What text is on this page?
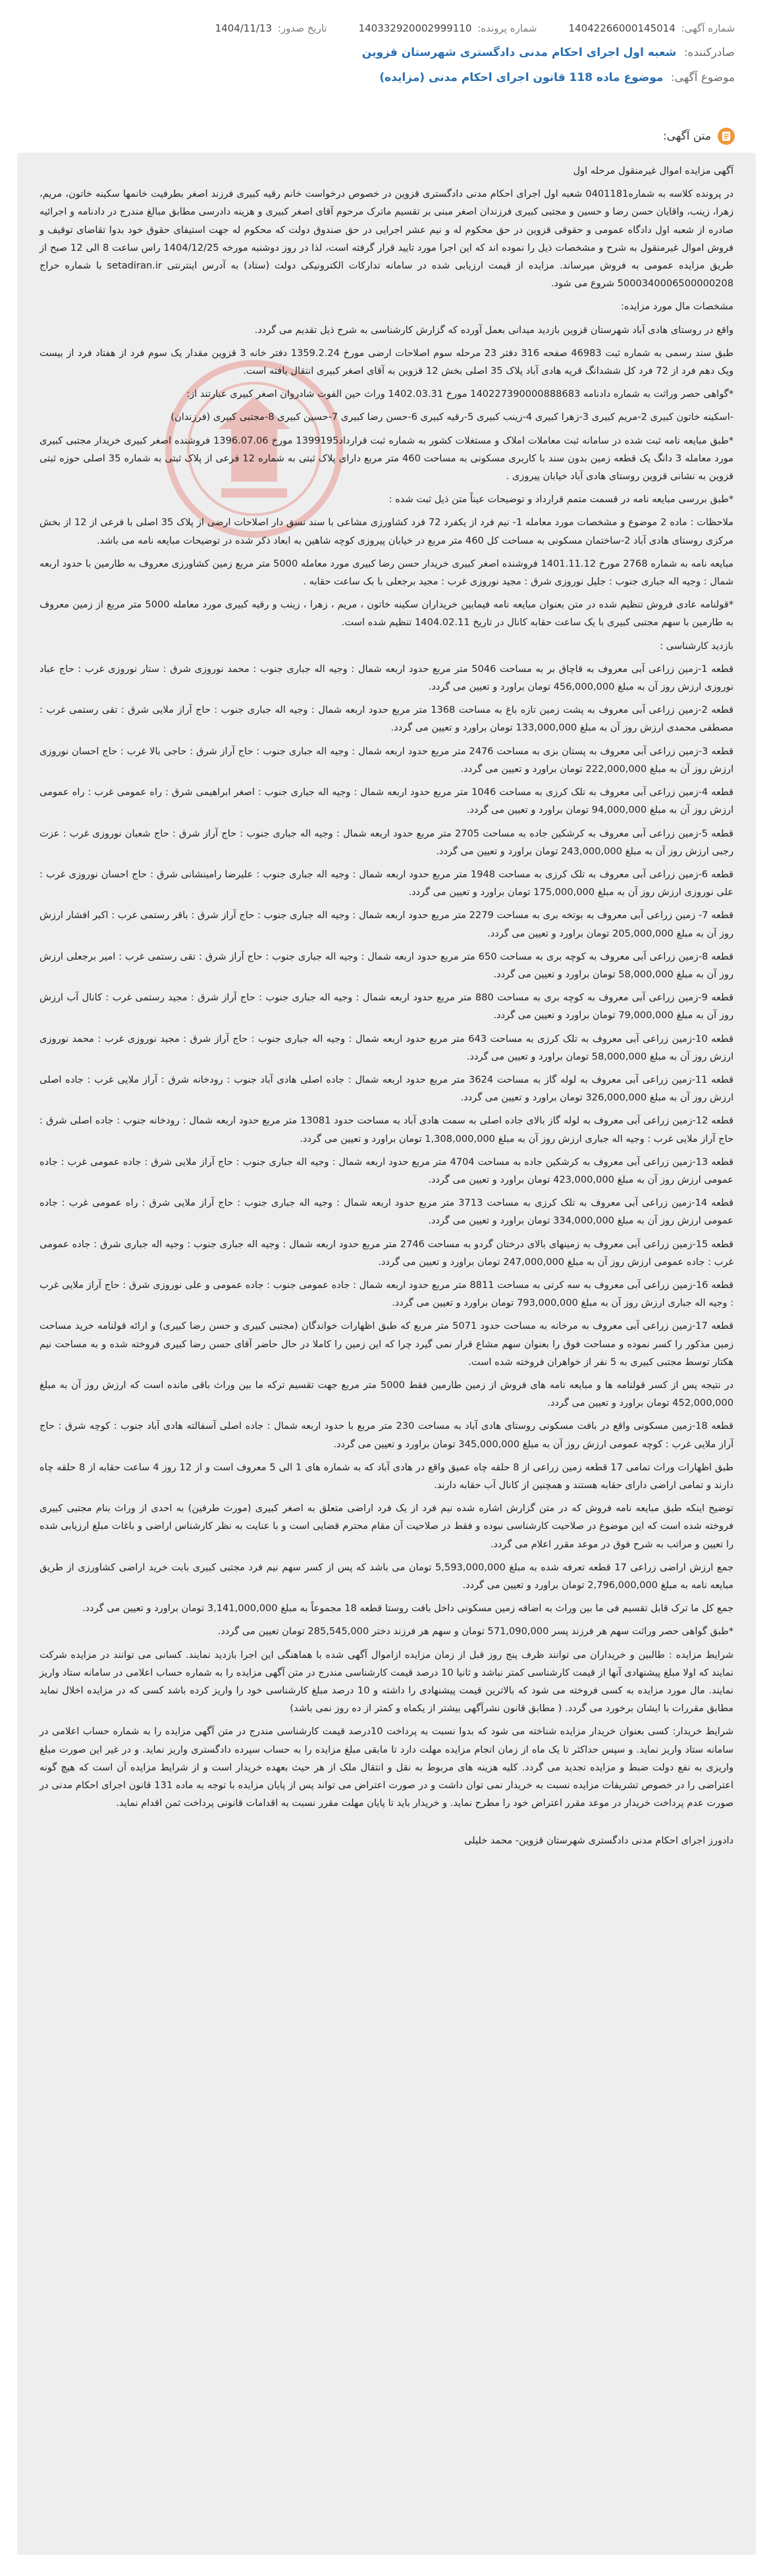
شماره آگهی: 14042266000145014
شماره پرونده: 140332920002999110
تاریخ صدور: 1404/11/13
صادرکننده: شعبه اول اجرای احکام مدنی دادگستری شهرستان قزوین
موضوع آگهی: موضوع ماده 118 قانون اجرای احکام مدنی (مزایده)
متن آگهی:

آگهی مزایده اموال غیرمنقول مرحله اول

در پرونده کلاسه به شماره0401181 شعبه اول اجرای احکام مدنی دادگستری قزوین در خصوص درخواست خانم رقیه کبیری فرزند اصغر بطرفیت خانمها سکینه خاتون، مریم، زهرا، زینب، واقایان حسن رضا و حسین و مجتبی کبیری فرزندان اصغر مبنی بر تقسیم ماترک مرحوم آقای اصغر کبیری و هزینه دادرسی مطابق مبالغ مندرج در دادنامه و اجرائیه صادره از شعبه اول دادگاه عمومی و حقوقی قزوین در حق محکوم له و نیم عشر اجرایی در حق صندوق دولت که محکوم له جهت استیفای حقوق خود بدوا تقاضای توقیف و فروش اموال غیرمنقول به شرح و مشخصات ذیل را نموده اند که این اجرا مورد تایید قرار گرفته است، لذا در روز دوشنبه مورخه 1404/12/25 راس ساعت 8 الی 12 صبح از طریق مزایده عمومی به فروش میرساند. مزایده از قیمت ارزیابی شده در سامانه تدارکات الکترونیکی دولت (ستاد) به آدرس اینترنتی setadiran.ir با شماره حراج 5000340006500000208 شروع می شود.

مشخصات مال مورد مزایده:

واقع در روستای هادی آباد شهرستان قزوین بازدید میدانی بعمل آورده که گزارش کارشناسی به شرح ذیل تقدیم می گردد.

طبق سند رسمی به شماره ثبت 46983 صفحه 316 دفتر 23 مرحله سوم اصلاحات ارضی مورخ 1359.2.24 دفتر خانه 3 قزوین مقدار یک سوم فرد از هفتاد فرد از بیست ویک دهم فرد از 72 فرد کل ششدانگ قریه هادی آباد پلاک 35 اصلی بخش 12 قزوین به آقای اصغر کبیری انتقال یافته است.

*گواهی حصر وراثت به شماره دادنامه 140227390000888683 مورخ 1402.03.31 وراث حین الفوت شادروان اصغر کبیری عبارتند از:

-اسکینه خاتون کبیری 2-مریم کبیری 3-زهرا کبیری 4-زینب کبیری 5-رقیه کبیری 6-حسن رضا کبیری 7-حسین کبیری 8-مجتبی کبیری (فرزندان)

*طبق مبایعه نامه ثبت شده در سامانه ثبت معاملات املاک و مستغلات کشور به شماره ثبت قرارداد1399195 مورخ 1396.07.06 فروشنده اصغر کبیری خریدار مجتبی کبیری مورد معامله 3 دانگ یک قطعه زمین بدون سند با کاربری مسکونی به مساحت 460 متر مربع دارای پلاک ثبتی به شماره 12 فرعی از پلاک ثبتی به شماره 35 اصلی حوزه ثبتی قزوین به نشانی قزوین روستای هادی آباد خیابان پیروزی .

*طبق بررسی مبایعه نامه در قسمت متمم قرارداد و توضیحات عیناً متن ذیل ثبت شده :

ملاحظات : ماده 2 موضوع و مشخصات مورد معامله 1- نیم فرد از یکفرد 72 فرد کشاورزی مشاعی با سند نسق دار اصلاحات ارضی از پلاک 35 اصلی با فرعی از 12 از بخش مرکزی روستای هادی آباد 2-ساختمان مسکونی به مساحت کل 460 متر مربع در خیابان پیروزی کوچه شاهین به ابعاد ذکر شده در توضیحات مبایعه نامه می باشد.

مبایعه نامه به شماره 2768 مورخ 1401.11.12 فروشنده اصغر کبیری خریدار حسن رضا کبیری مورد معامله 5000 متر مربع زمین کشاورزی معروف به طارمین با حدود اربعه شمال : وجیه اله جباری جنوب : جلیل نوروزی شرق : مجید نوروزی غرب : مجید برجعلی با بک ساعت حقابه .

*قولنامه عادی فروش تنظیم شده در متن بعنوان مبایعه نامه فیمابین خریداران سکینه خاتون ، مریم ، زهرا ، زینب و رقیه کبیری مورد معامله 5000 متر مربع از زمین معروف به طارمین با سهم مجتبی کبیری با یک ساعت حقابه کانال در تاریخ 1404.02.11 تنظیم شده است.

بازدید کارشناسی :

قطعه 1-زمین زراعی آبی معروف به قاچاق بر به مساحت 5046 متر مربع حدود اربعه شمال : وجیه اله جباری جنوب : محمد نوروزی شرق : ستار نوروزی غرب : حاج عباد نوروزی ارزش روز آن به مبلغ 456,000,000 تومان براورد و تعیین می گردد.

قطعه 2-زمین زراعی آبی معروف به پشت زمین تازه باغ به مساحت 1368 متر مربع حدود اربعه شمال : وجیه اله جباری جنوب : حاج آراز ملایی شرق : تقی رستمی غرب : مصطفی محمدی ارزش روز آن به مبلغ 133,000,000 تومان براورد و تعیین می گردد.

قطعه 3-زمین زراعی آبی معروف به پستان بزی به مساحت 2476 متر مربع حدود اربعه شمال : وجیه اله جباری جنوب : حاج آراز شرق : حاجی بالا غرب : حاج احسان نوروزی ارزش روز آن به مبلغ 222,000,000 تومان براورد و تعیین می گردد.

قطعه 4-زمین زراعی آبی معروف به تلک کرزی به مساحت 1046 متر مربع حدود اربعه شمال : وجیه اله جباری جنوب : اصغر ابراهیمی شرق : راه عمومی غرب : راه عمومی ارزش روز آن به مبلغ 94,000,000 تومان براورد و تعیین می گردد.

قطعه 5-زمین زراعی آبی معروف به کرشکین جاده به مساحت 2705 متر مربع حدود اربعه شمال : وجیه اله جباری جنوب : حاج آراز شرق : حاج شعبان نوروزی غرب : عزت رجبی ارزش روز آن به مبلغ 243,000,000 تومان براورد و تعیین می گردد.

قطعه 6-زمین زراعی آبی معروف به تلک کرزی به مساحت 1948 متر مربع حدود اربعه شمال : وجیه اله جباری جنوب : علیرضا رامینشانی شرق : حاج احسان نوروزی غرب : علی نوروزی ارزش روز آن به مبلغ 175,000,000 تومان براورد و تعیین می گردد.

قطعه 7- زمین زراعی آبی معروف به بوتخه بری به مساحت 2279 متر مربع حدود اربعه شمال : وجیه اله جباری جنوب : حاج آراز شرق : باقر رستمی غرب : اکبر افشار ارزش روز آن به مبلغ 205,000,000 تومان براورد و تعیین می گردد.

قطعه 8-زمین زراعی آبی معروف به کوچه بری به مساحت 650 متر مربع حدود اربعه شمال : وجیه اله جباری جنوب : حاج آراز شرق : تقی رستمی غرب : امیر برجعلی ارزش روز آن به مبلغ 58,000,000 تومان براورد و تعیین می گردد.

قطعه 9-زمین زراعی آبی معروف به کوچه بری به مساحت 880 متر مربع حدود اربعه شمال : وجیه اله جباری جنوب : حاج آراز شرق : مجید رستمی غرب : کانال آب ارزش روز آن به مبلغ 79,000,000 تومان براورد و تعیین می گردد.

قطعه 10-زمین زراعی آبی معروف به تلک کرزی به مساحت 643 متر مربع حدود اربعه شمال : وجیه اله جباری جنوب : حاج آراز شرق : مجید نوروزی غرب : محمد نوروزی ارزش روز آن به مبلغ 58,000,000 تومان براورد و تعیین می گردد.

قطعه 11-زمین زراعی آبی معروف به لوله گاز به مساحت 3624 متر مربع حدود اربعه شمال : جاده اصلی هادی آباد جنوب : رودخانه شرق : آراز ملایی غرب : جاده اصلی ارزش روز آن به مبلغ 326,000,000 تومان براورد و تعیین می گردد.

قطعه 12-زمین زراعی آبی معروف به لوله گاز بالای جاده اصلی به سمت هادی آباد به مساحت حدود 13081 متر مربع حدود اربعه شمال : رودخانه جنوب : جاده اصلی شرق : حاج آراز ملایی غرب : وجیه اله جباری ارزش روز آن به مبلغ 1,308,000,000 تومان براورد و تعیین می گردد.

قطعه 13-زمین زراعی آبی معروف به کرشکین جاده به مساحت 4704 متر مربع حدود اربعه شمال : وجیه اله جباری جنوب : حاج آراز ملایی شرق : جاده عمومی غرب : جاده عمومی ارزش روز آن به مبلغ 423,000,000 تومان براورد و تعیین می گردد.

قطعه 14-زمین زراعی آبی معروف به تلک کرزی به مساحت 3713 متر مربع حدود اربعه شمال : وجیه اله جباری جنوب : حاج آراز ملایی شرق : راه عمومی غرب : جاده عمومی ارزش روز آن به مبلغ 334,000,000 تومان براورد و تعیین می گردد.

قطعه 15-زمین زراعی آبی معروف به زمینهای بالای درختان گردو به مساحت 2746 متر مربع حدود اربعه شمال : وجیه اله جباری جنوب : وجیه اله جباری شرق : جاده عمومی غرب : جاده عمومی ارزش روز آن به مبلغ 247,000,000 تومان براورد و تعیین می گردد.

قطعه 16-زمین زراعی آبی معروف به سه کرتی به مساحت 8811 متر مربع حدود اربعه شمال : جاده عمومی جنوب : جاده عمومی و علی نوروزی شرق : حاج آراز ملایی غرب : وجیه اله جباری ارزش روز آن به مبلغ 793,000,000 تومان براورد و تعیین می گردد.

قطعه 17-زمین زراعی آبی معروف به مرخانه به مساحت حدود 5071 متر مربع که طبق اظهارات خواندگان (مجتبی کبیری و حسن رضا کبیری) و ارائه قولنامه خرید مساحت زمین مذکور را کسر نموده و مساحت فوق را بعنوان سهم مشاع قرار نمی گیرد چرا که این زمین را کاملا در حال حاضر آقای حسن رضا کبیری فروخته شده و به مساحت نیم هکتار توسط مجتبی کبیری به 5 نفر از خواهران فروخته شده است.

در نتیجه پس از کسر قولنامه ها و مبایعه نامه های فروش از زمین طارمین فقط 5000 متر مربع جهت تقسیم ترکه ما بین وراث باقی مانده است که ارزش روز آن به مبلغ 452,000,000 تومان براورد و تعیین می گردد.

قطعه 18-زمین مسکونی واقع در بافت مسکونی روستای هادی آباد به مساحت 230 متر مربع با حدود اربعه شمال : جاده اصلی آسفالته هادی آباد جنوب : کوچه شرق : حاج آراز ملایی غرب : کوچه عمومی ارزش روز آن به مبلغ 345,000,000 تومان براورد و تعیین می گردد.

طبق اظهارات وراث تمامی 17 قطعه زمین زراعی از 8 حلقه چاه عمیق واقع در هادی آباد که به شماره های 1 الی 5 معروف است و از 12 روز 4 ساعت حقابه از 8 حلقه چاه دارند و تمامی اراضی دارای حقابه هستند و همچنین از کانال آب حقابه دارند.

توضیح اینکه طبق مبایعه نامه فروش که در متن گزارش اشاره شده نیم فرد از یک فرد اراضی متعلق به اصغر کبیری (مورث طرفین) به احدی از وراث بنام مجتبی کبیری فروخته شده است که این موضوع در صلاحیت کارشناسی نبوده و فقط در صلاحیت آن مقام محترم قضایی است و با عنایت به نظر کارشناس اراضی و باغات مبلغ ارزیابی شده را تعیین و مراتب به شرح فوق در موعد مقرر اعلام می گردد.

جمع ارزش اراضی زراعی 17 قطعه تعرفه شده به مبلغ 5,593,000,000 تومان می باشد که پس از کسر سهم نیم فرد مجتبی کبیری بابت خرید اراضی کشاورزی از طریق مبایعه نامه به مبلغ 2,796,000,000 تومان براورد و تعیین می گردد.

جمع کل ما ترک قابل تقسیم فی ما بین وراث به اضافه زمین مسکونی داخل بافت روستا قطعه 18 مجموعاً به مبلغ 3,141,000,000 تومان براورد و تعیین می گردد.

*طبق گواهی حصر وراثت سهم هر فرزند پسر 571,090,000 تومان و سهم هر فرزند دختر 285,545,000 تومان تعیین می گردد.

شرایط مزایده : طالبین و خریداران می توانند ظرف پنج روز قبل از زمان مزایده ازاموال آگهی شده با هماهنگی این اجرا بازدید نمایند. کسانی می توانند در مزایده شرکت نمایند که اولا مبلغ پیشنهادی آنها از قیمت کارشناسی کمتر نباشد و ثانیا 10 درصد قیمت کارشناسی مندرج در متن آگهی مزایده را به شماره حساب اعلامی در سامانه ستاد واریز نمایند. مال مورد مزایده به کسی فروخته می شود که بالاترین قیمت پیشنهادی را داشته و 10 درصد مبلغ کارشناسی خود را واریز کرده باشد کسی که در مزایده اخلال نماید مطابق مقررات با ایشان برخورد می گردد. ( مطابق قانون نشرآگهی بیشتر از یکماه و کمتر از ده روز نمی باشد)

شرایط خریدار: کسی بعنوان خریدار مزایده شناخته می شود که بدوا نسبت به پرداخت 10درصد قیمت کارشناسی مندرج در متن آگهی مزایده را به شماره حساب اعلامی در سامانه ستاد واریز نماید. و سپس حداکثر تا یک ماه از زمان انجام مزایده مهلت دارد تا مابقی مبلغ مزایده را به حساب سپرده دادگستری واریز نماید. و در غیر این صورت مبلغ واریزی به نفع دولت ضبط و مزایده تجدید می گردد. کلیه هزینه های مربوط به نقل و انتقال ملک از هر حیث بعهده خریدار است و از شرایط مزایده آن است که هیچ گونه اعتراضی را در خصوص تشریفات مزایده نسبت به خریدار نمی توان داشت و در صورت اعتراض می تواند پس از پایان مزایده با توجه به ماده 131 قانون اجرای احکام مدنی در صورت عدم پرداخت خریدار در موعد مقرر اعتراض خود را مطرح نماید. و خریدار باید تا پایان مهلت مقرر نسبت به اقدامات قانونی پرداخت ثمن اقدام نماید.

دادورز اجرای احکام مدنی دادگستری شهرستان قزوین- محمد خلیلی
